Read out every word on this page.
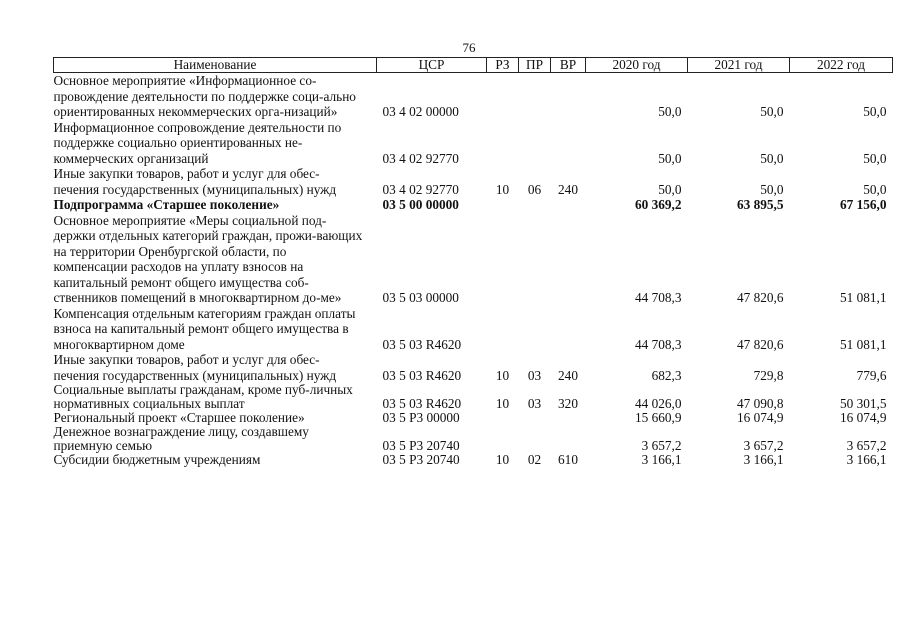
76
Наименование	ЦСР	РЗ	ПР	ВР	2020 год	2021 год	2022 год
Основное мероприятие «Информационное со-провождение деятельности по поддержке соци-ально ориентированных некоммерческих орга-низаций»	03 4 02 00000				50,0	50,0	50,0
Информационное сопровождение деятельности по поддержке социально ориентированных не-коммерческих организаций	03 4 02 92770				50,0	50,0	50,0
Иные закупки товаров, работ и услуг для обес-печения государственных (муниципальных) нужд	03 4 02 92770	10	06	240	50,0	50,0	50,0
Подпрограмма «Старшее поколение»	03 5 00 00000				60 369,2	63 895,5	67 156,0
Основное мероприятие «Меры социальной под-держки отдельных категорий граждан, прожи-вающих на территории Оренбургской области, по компенсации расходов на уплату взносов на капитальный ремонт общего имущества соб-ственников помещений в многоквартирном до-ме»	03 5 03 00000				44 708,3	47 820,6	51 081,1
Компенсация отдельным категориям граждан оплаты взноса на капитальный ремонт общего имущества в многоквартирном доме	03 5 03 R4620				44 708,3	47 820,6	51 081,1
Иные закупки товаров, работ и услуг для обес-печения государственных (муниципальных) нужд	03 5 03 R4620	10	03	240	682,3	729,8	779,6
Социальные выплаты гражданам, кроме пуб-личных нормативных социальных выплат	03 5 03 R4620	10	03	320	44 026,0	47 090,8	50 301,5
Региональный проект «Старшее поколение»	03 5 P3 00000				15 660,9	16 074,9	16 074,9
Денежное вознаграждение лицу, создавшему приемную семью	03 5 P3 20740				3 657,2	3 657,2	3 657,2
Субсидии бюджетным учреждениям	03 5 P3 20740	10	02	610	3 166,1	3 166,1	3 166,1
